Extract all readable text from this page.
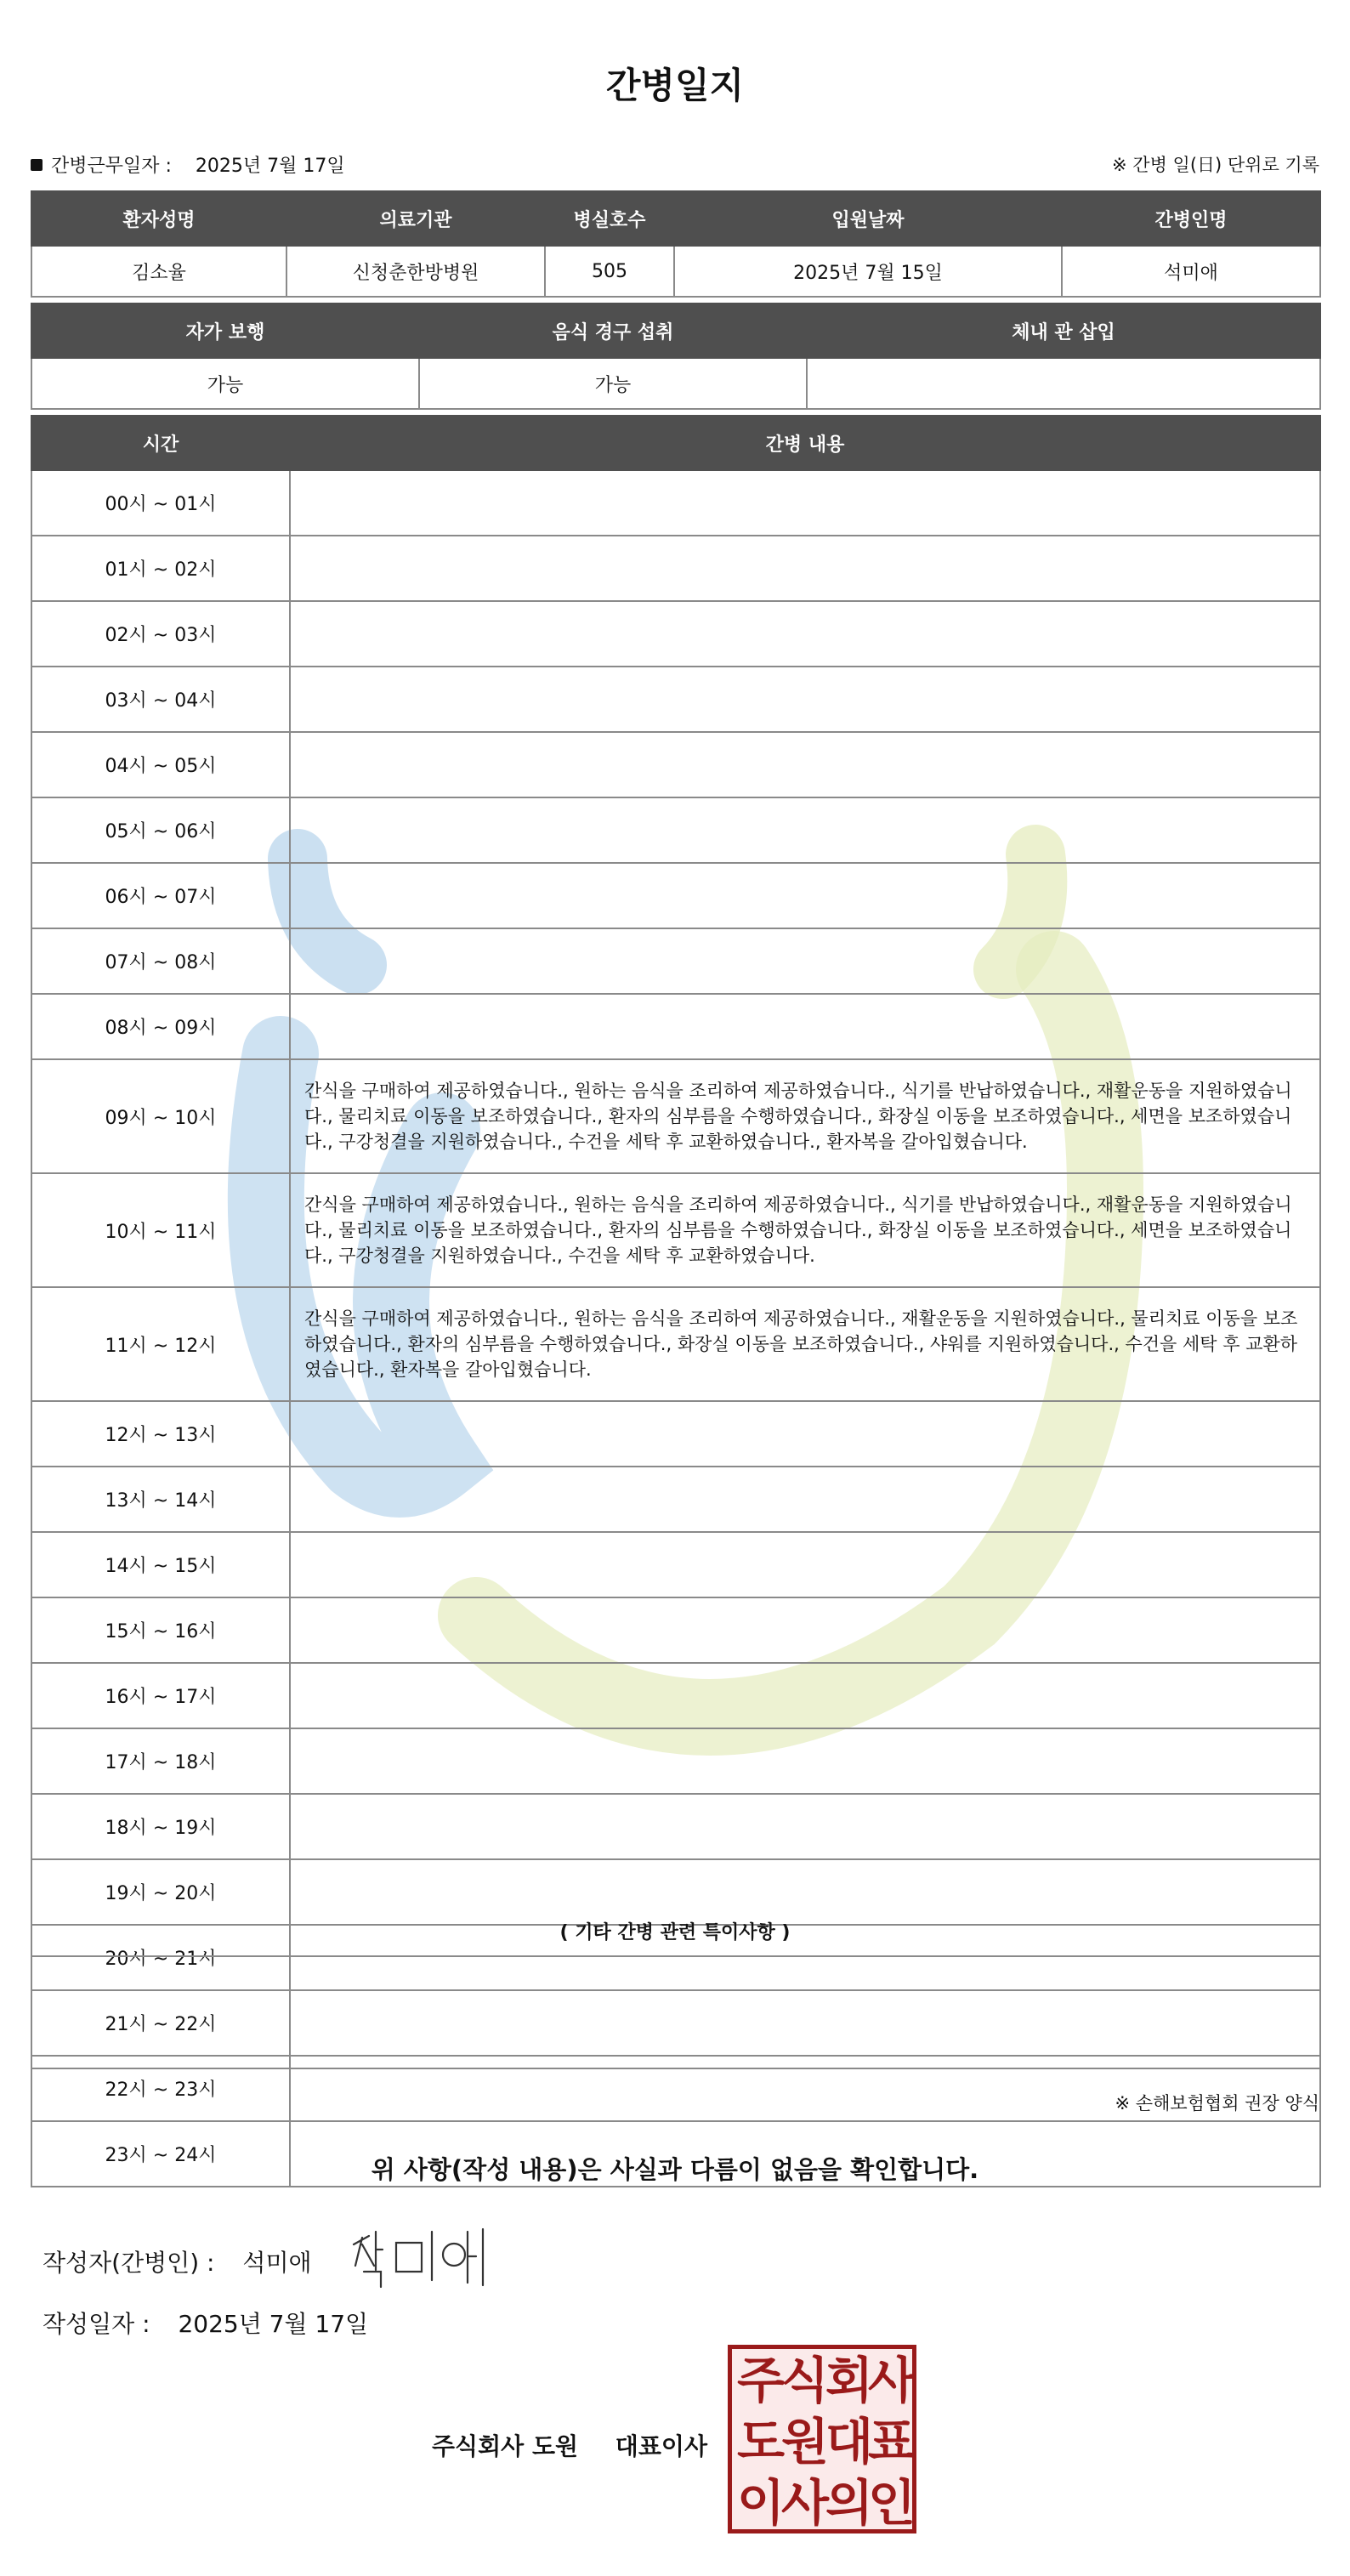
간병일지
간병근무일자 : 2025년 7월 17일	※ 간병 일(日) 단위로 기록
환자성명	의료기관	병실호수	입원날짜	간병인명
김소율	신청춘한방병원	505	2025년 7월 15일	석미애
자가 보행	음식 경구 섭취	체내 관 삽입
가능	가능	
시간	간병 내용
00시 ~ 01시	
01시 ~ 02시	
02시 ~ 03시	
03시 ~ 04시	
04시 ~ 05시	
05시 ~ 06시	
06시 ~ 07시	
07시 ~ 08시	
08시 ~ 09시	
09시 ~ 10시	간식을 구매하여 제공하였습니다., 원하는 음식을 조리하여 제공하였습니다., 식기를 반납하였습니다., 재활운동을 지원하였습니다., 물리치료 이동을 보조하였습니다., 환자의 심부름을 수행하였습니다., 화장실 이동을 보조하였습니다., 세면을 보조하였습니다., 구강청결을 지원하였습니다., 수건을 세탁 후 교환하였습니다., 환자복을 갈아입혔습니다.
10시 ~ 11시	간식을 구매하여 제공하였습니다., 원하는 음식을 조리하여 제공하였습니다., 식기를 반납하였습니다., 재활운동을 지원하였습니다., 물리치료 이동을 보조하였습니다., 환자의 심부름을 수행하였습니다., 화장실 이동을 보조하였습니다., 세면을 보조하였습니다., 구강청결을 지원하였습니다., 수건을 세탁 후 교환하였습니다.
11시 ~ 12시	간식을 구매하여 제공하였습니다., 원하는 음식을 조리하여 제공하였습니다., 재활운동을 지원하였습니다., 물리치료 이동을 보조하였습니다., 환자의 심부름을 수행하였습니다., 화장실 이동을 보조하였습니다., 샤워를 지원하였습니다., 수건을 세탁 후 교환하였습니다., 환자복을 갈아입혔습니다.
12시 ~ 13시	
13시 ~ 14시	
14시 ~ 15시	
15시 ~ 16시	
16시 ~ 17시	
17시 ~ 18시	
18시 ~ 19시	
19시 ~ 20시	
20시 ~ 21시	
21시 ~ 22시	
22시 ~ 23시	
23시 ~ 24시	
( 기타 간병 관련 특이사항 )
※ 손해보험협회 권장 양식
위 사항(작성 내용)은 사실과 다름이 없음을 확인합니다.
작성자(간병인) : 석미애
작성일자 : 2025년 7월 17일
주식회사 도원 대표이사
주
식
회
사
도
원
대
표
이
사
의
인
